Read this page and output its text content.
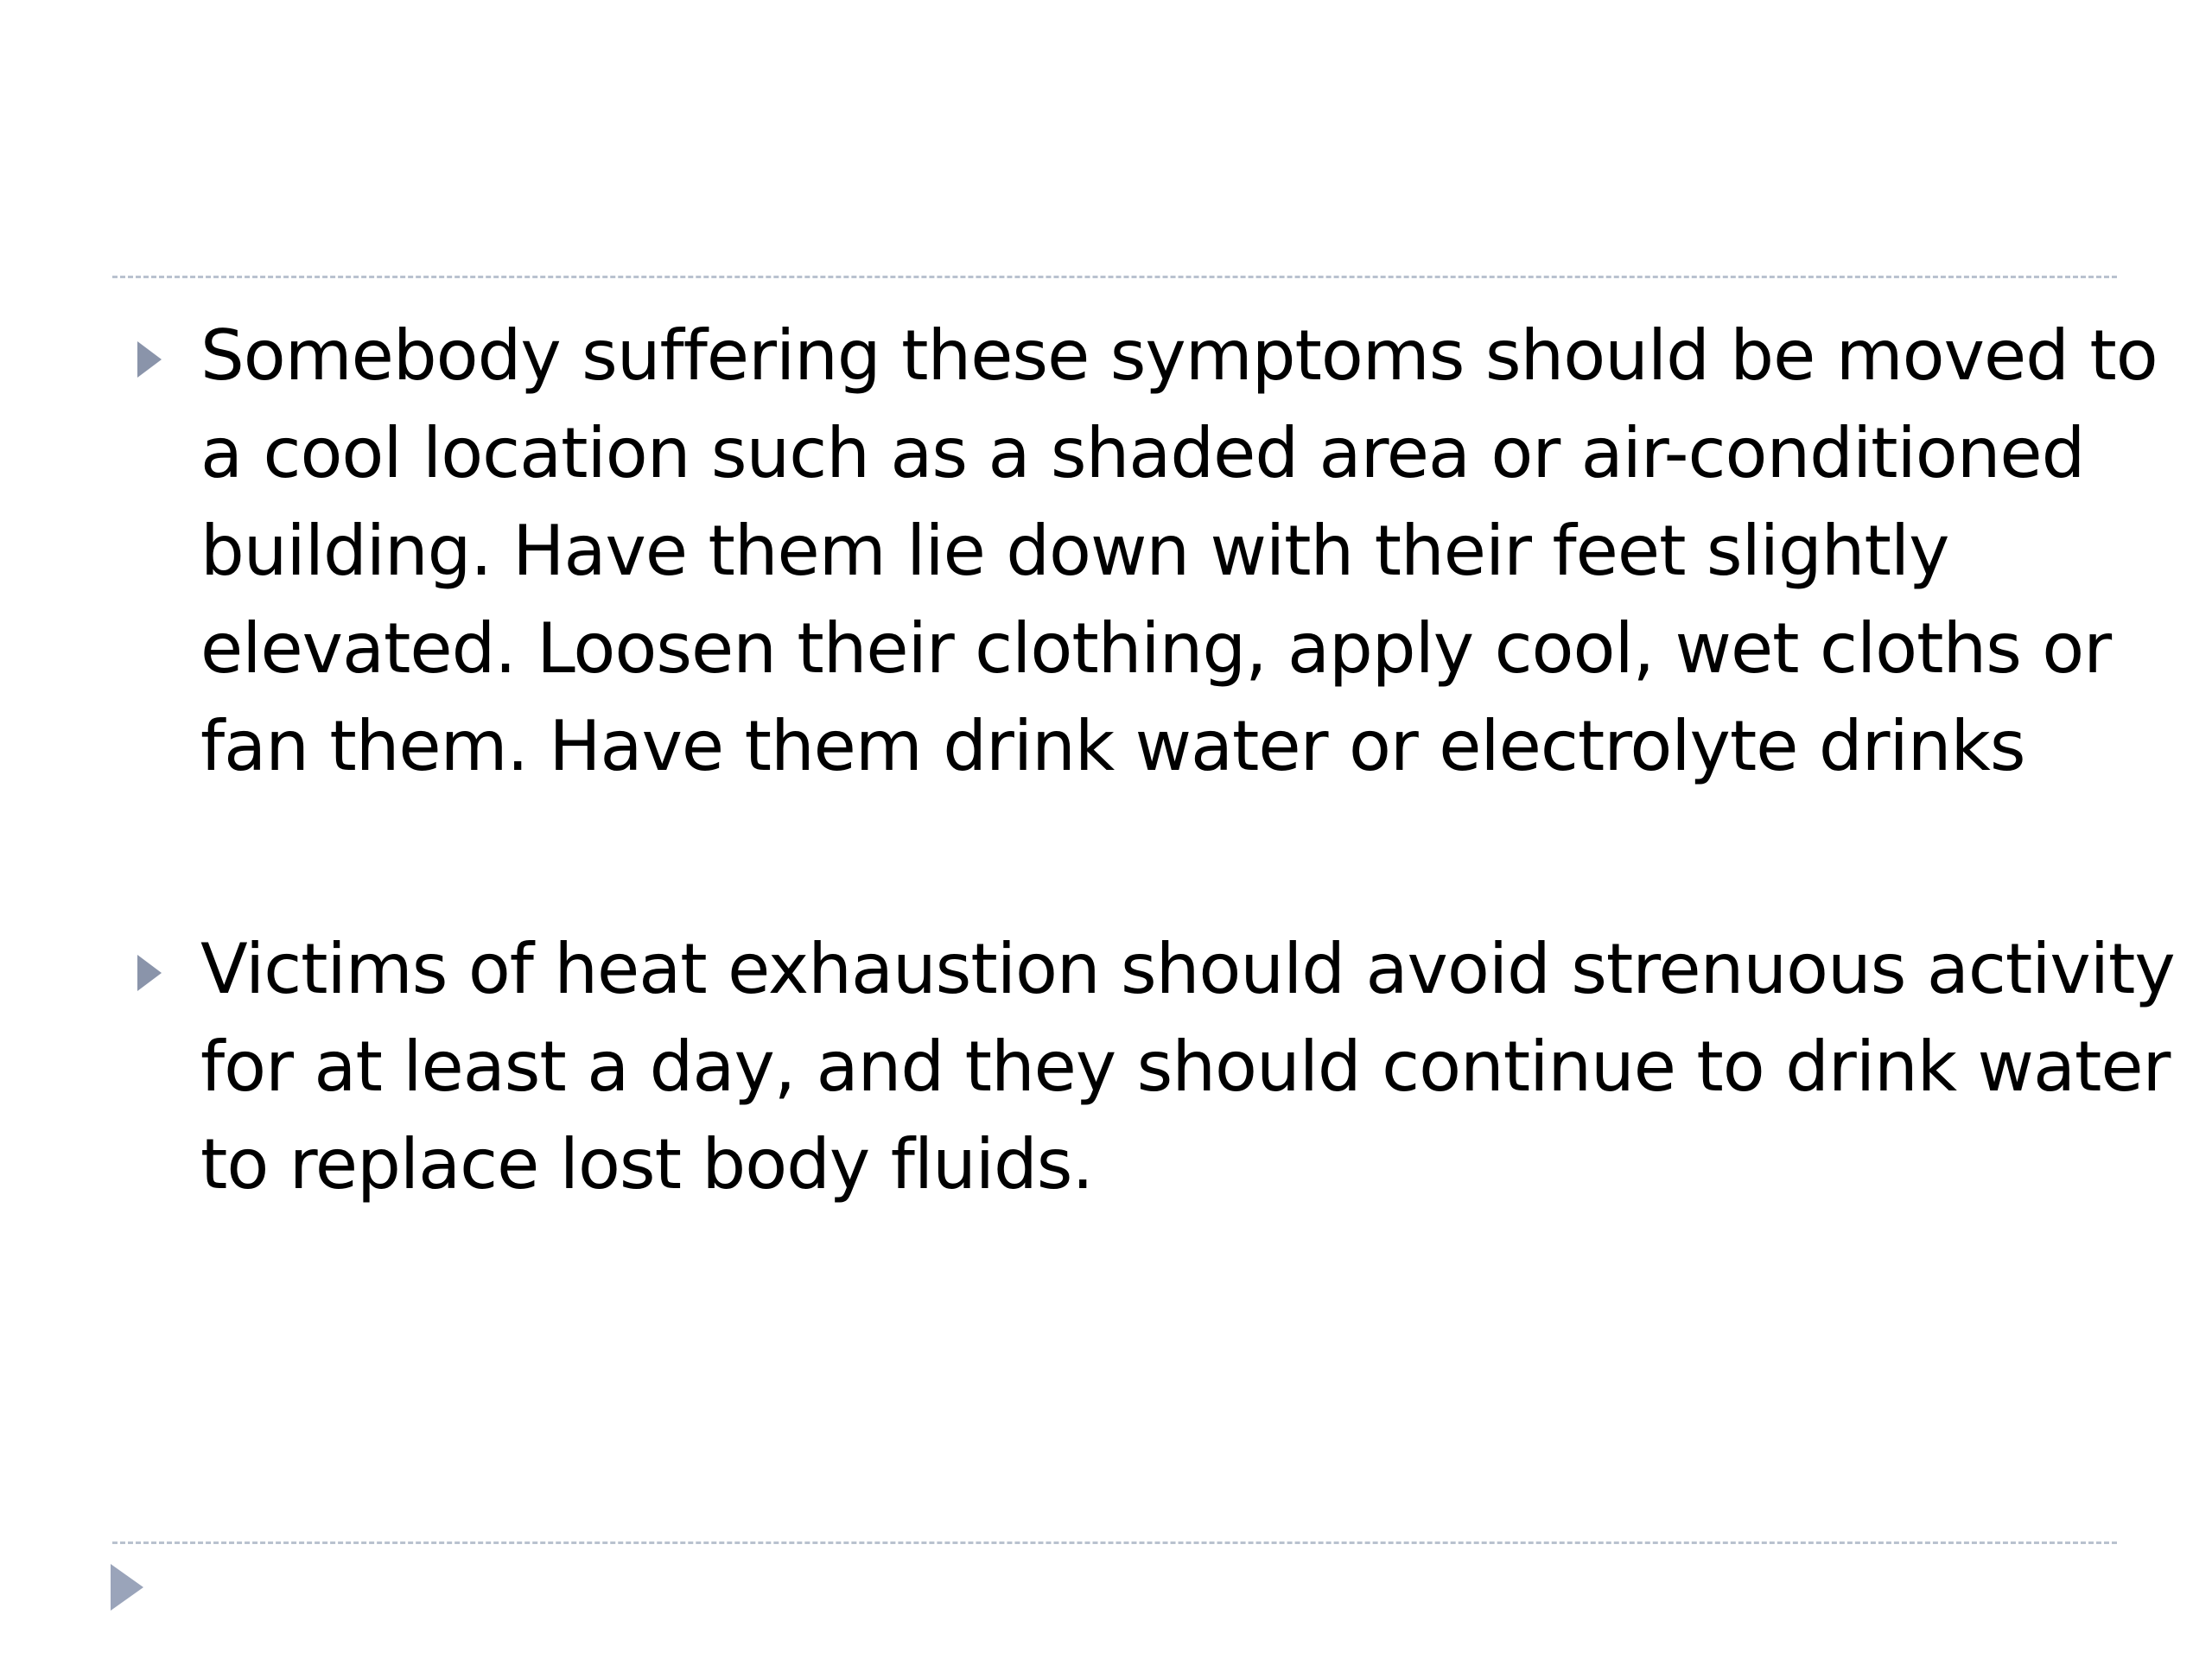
Somebody suffering these symptoms should be moved to
a cool location such as a shaded area or air-conditioned
building. Have them lie down with their feet slightly
elevated. Loosen their clothing, apply cool, wet cloths or
fan them. Have them drink water or electrolyte drinks
Victims of heat exhaustion should avoid strenuous activity
for at least a day, and they should continue to drink water
to replace lost body fluids.
